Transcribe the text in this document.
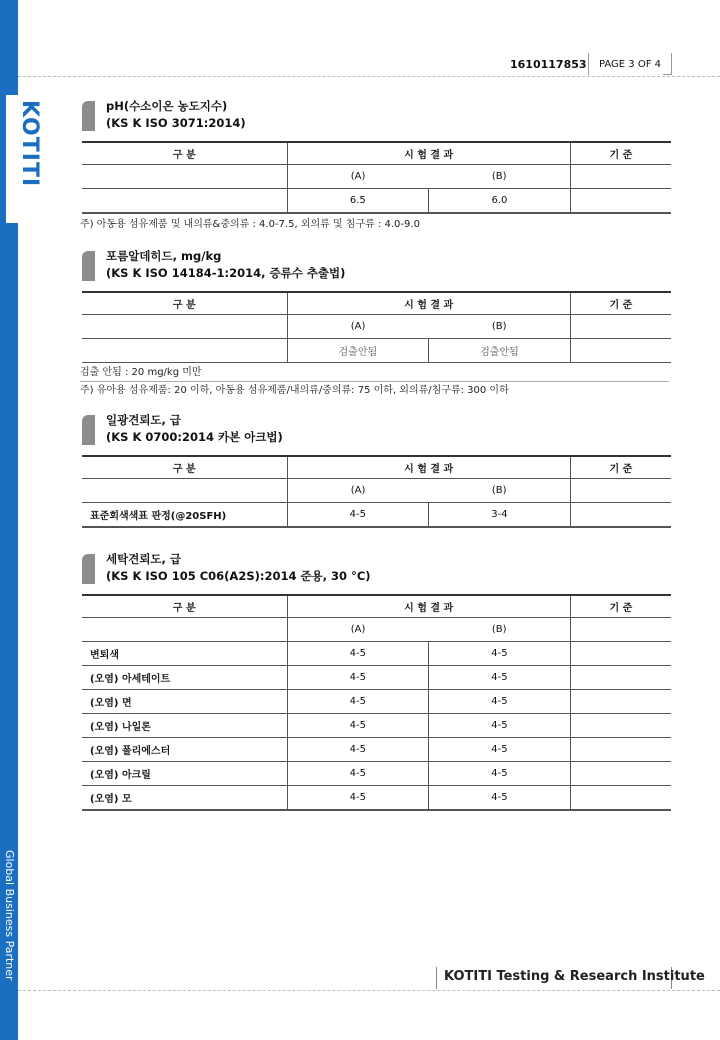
KOTITI
Global Business Partner
1610117853	PAGE 3 OF 4
pH(수소이온 농도지수)
(KS K ISO 3071:2014)
구 분	시 험 결 과		기 준
	(A)	(B)	
	6.5	6.0	
주) 아동용 섬유제품 및 내의류&중의류 : 4.0-7.5, 외의류 및 침구류 : 4.0-9.0
포름알데히드, mg/kg
(KS K ISO 14184-1:2014, 증류수 추출법)
구 분	시 험 결 과		기 준
	(A)	(B)	
	검출안됨	검출안됨	
검출 안됨 : 20 mg/kg 미만
주) 유아용 섬유제품: 20 이하, 아동용 섬유제품/내의류/중의류: 75 이하, 외의류/침구류: 300 이하
일광견뢰도, 급
(KS K 0700:2014 카본 아크법)
구 분	시 험 결 과		기 준
	(A)	(B)	
표준회색색표 판정(@20SFH)	4-5	3-4	
세탁견뢰도, 급
(KS K ISO 105 C06(A2S):2014 준용, 30 °C)
구 분	시 험 결 과		기 준
	(A)	(B)	
변퇴색	4-5	4-5	
(오염) 아세테이트	4-5	4-5	
(오염) 면	4-5	4-5	
(오염) 나일론	4-5	4-5	
(오염) 폴리에스터	4-5	4-5	
(오염) 아크릴	4-5	4-5	
(오염) 모	4-5	4-5	
KOTITI Testing & Research Institute
